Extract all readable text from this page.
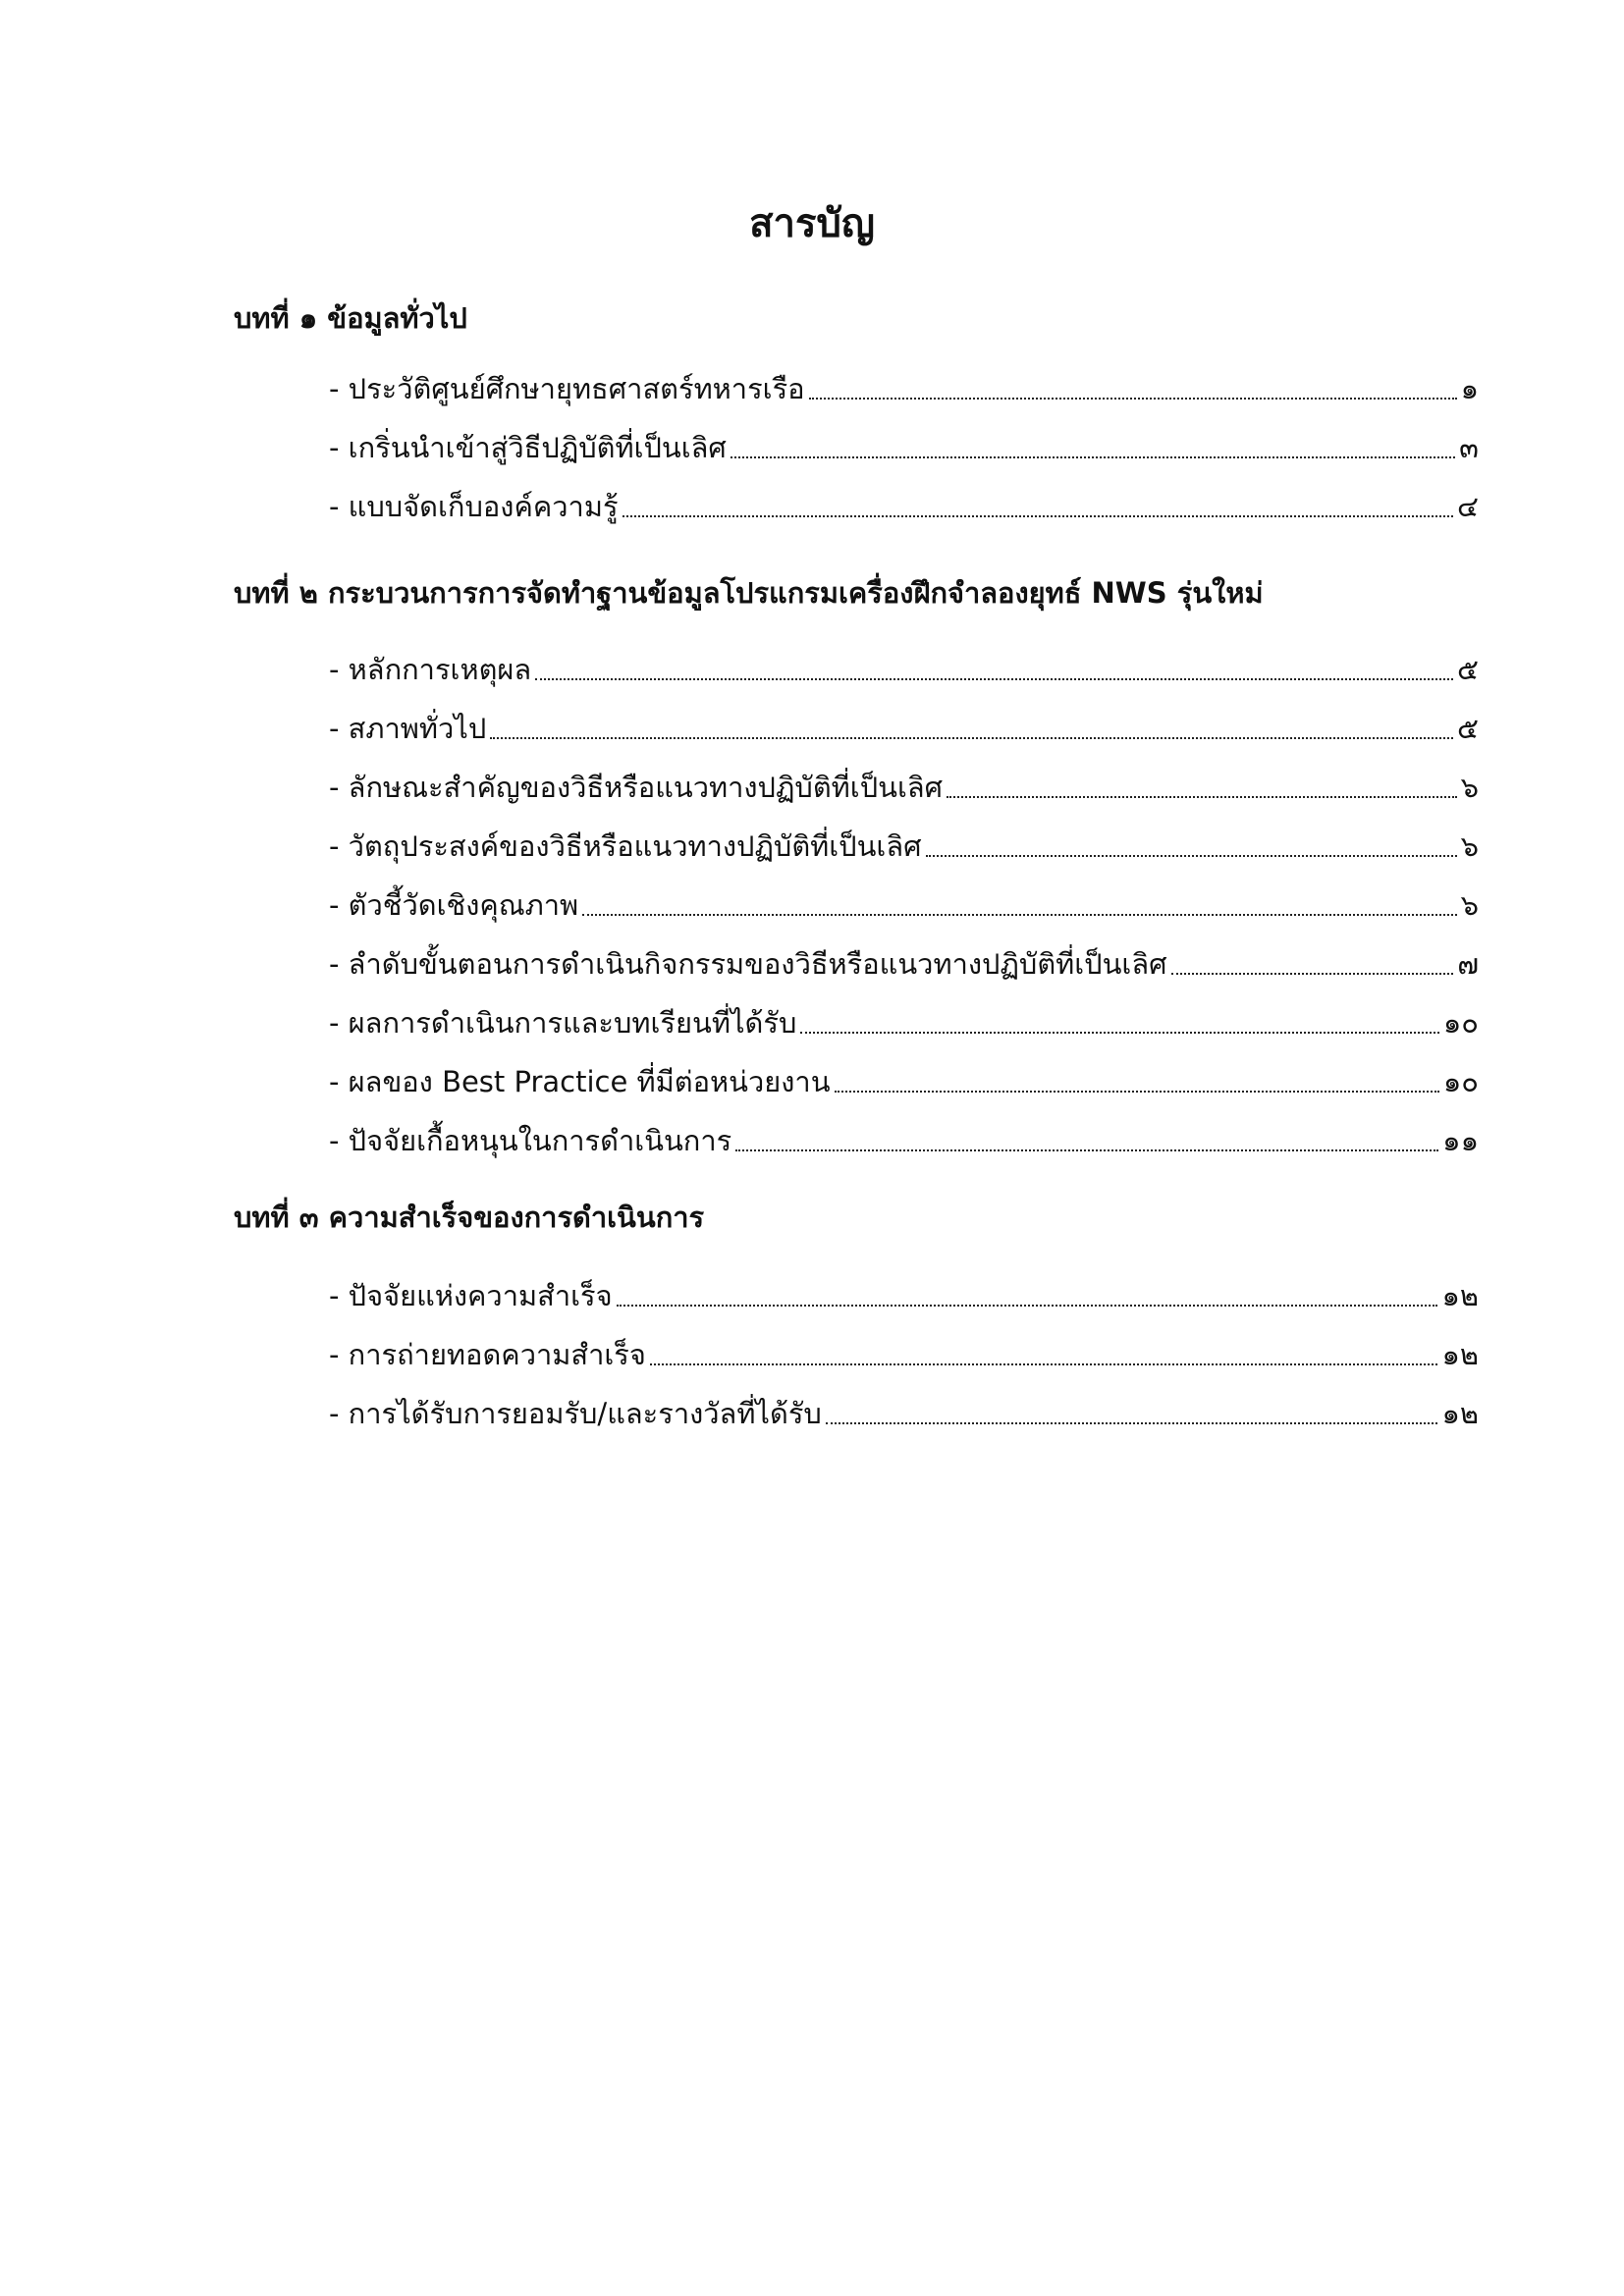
สารบัญ
บทที่ ๑ ข้อมูลทั่วไป
- ประวัติศูนย์ศึกษายุทธศาสตร์ทหารเรือ	๑
- เกริ่นนำเข้าสู่วิธีปฏิบัติที่เป็นเลิศ	๓
- แบบจัดเก็บองค์ความรู้	๔
บทที่ ๒ กระบวนการการจัดทำฐานข้อมูลโปรแกรมเครื่องฝึกจำลองยุทธ์ NWS รุ่นใหม่
- หลักการเหตุผล	๕
- สภาพทั่วไป	๕
- ลักษณะสำคัญของวิธีหรือแนวทางปฏิบัติที่เป็นเลิศ	๖
- วัตถุประสงค์ของวิธีหรือแนวทางปฏิบัติที่เป็นเลิศ	๖
- ตัวชี้วัดเชิงคุณภาพ	๖
- ลำดับขั้นตอนการดำเนินกิจกรรมของวิธีหรือแนวทางปฏิบัติที่เป็นเลิศ	๗
- ผลการดำเนินการและบทเรียนที่ได้รับ	๑๐
- ผลของ Best Practice ที่มีต่อหน่วยงาน	๑๐
- ปัจจัยเกื้อหนุนในการดำเนินการ	๑๑
บทที่ ๓ ความสำเร็จของการดำเนินการ
- ปัจจัยแห่งความสำเร็จ	๑๒
- การถ่ายทอดความสำเร็จ	๑๒
- การได้รับการยอมรับ/และรางวัลที่ได้รับ	๑๒
